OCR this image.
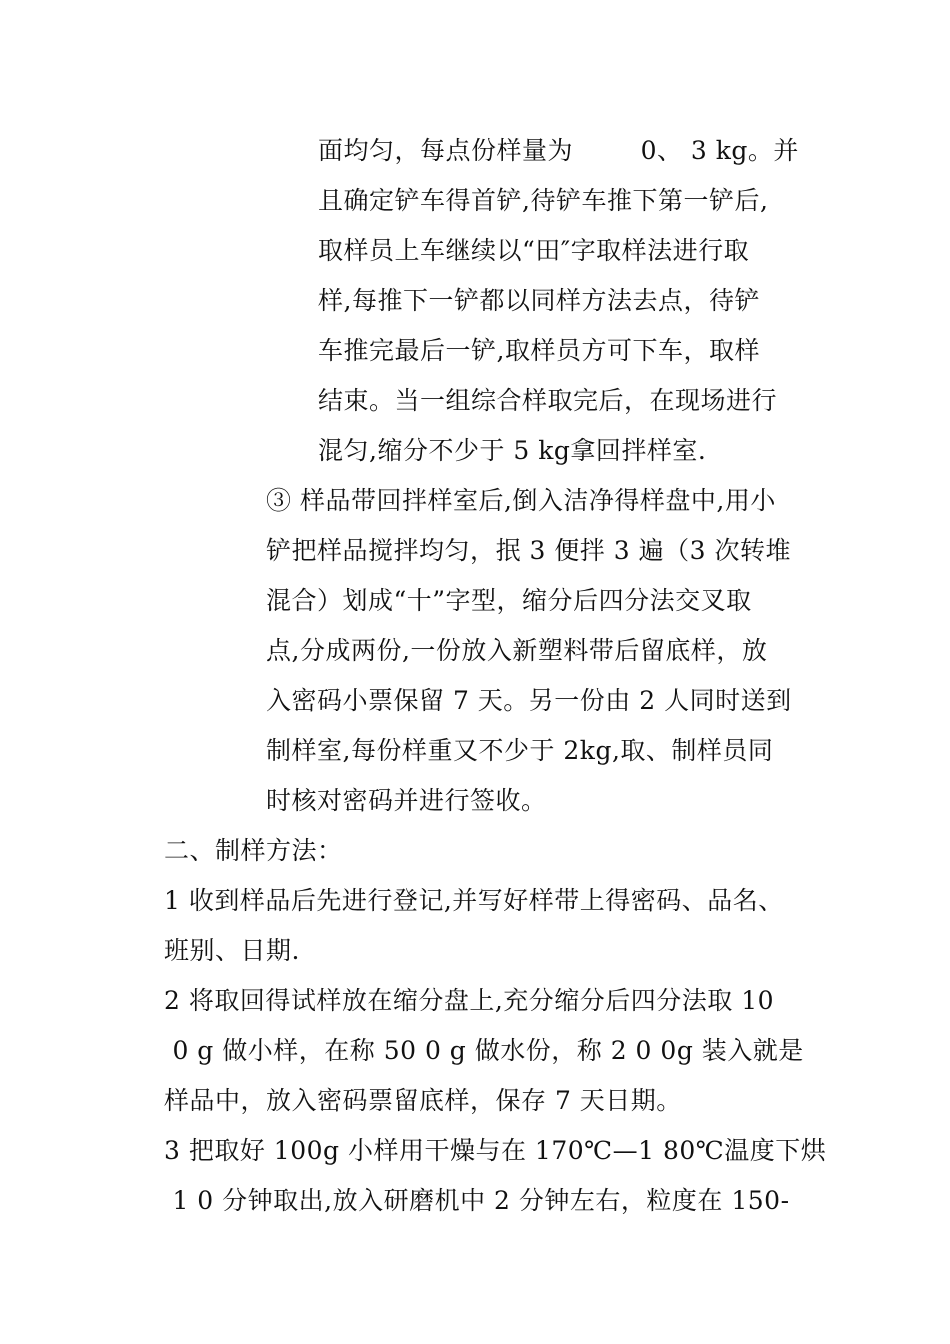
面均匀，每点份样量为        0、 3 kg。并
且确定铲车得首铲,待铲车推下第一铲后,
取样员上车继续以“田″字取样法进行取
样,每推下一铲都以同样方法去点，待铲
车推完最后一铲,取样员方可下车，取样
结束。当一组综合样取完后，在现场进行
混匀,缩分不少于 5 kg拿回拌样室.
③ 样品带回拌样室后,倒入洁净得样盘中,用小
铲把样品搅拌均匀，抿 3 便拌 3 遍（3 次转堆
混合）划成“十”字型，缩分后四分法交叉取
点,分成两份,一份放入新塑料带后留底样，放
入密码小票保留 7 天。另一份由 2 人同时送到
制样室,每份样重又不少于 2kg,取、制样员同
时核对密码并进行签收。
二、制样方法：
1 收到样品后先进行登记,并写好样带上得密码、品名、
班别、日期.
2 将取回得试样放在缩分盘上,充分缩分后四分法取 10
0 g 做小样，在称 50 0 g 做水份，称 2 0 0g 装入就是
样品中，放入密码票留底样，保存 7 天日期。
3 把取好 100g 小样用干燥与在 170℃—1 80℃温度下烘
1 0 分钟取出,放入研磨机中 2 分钟左右，粒度在 150-
